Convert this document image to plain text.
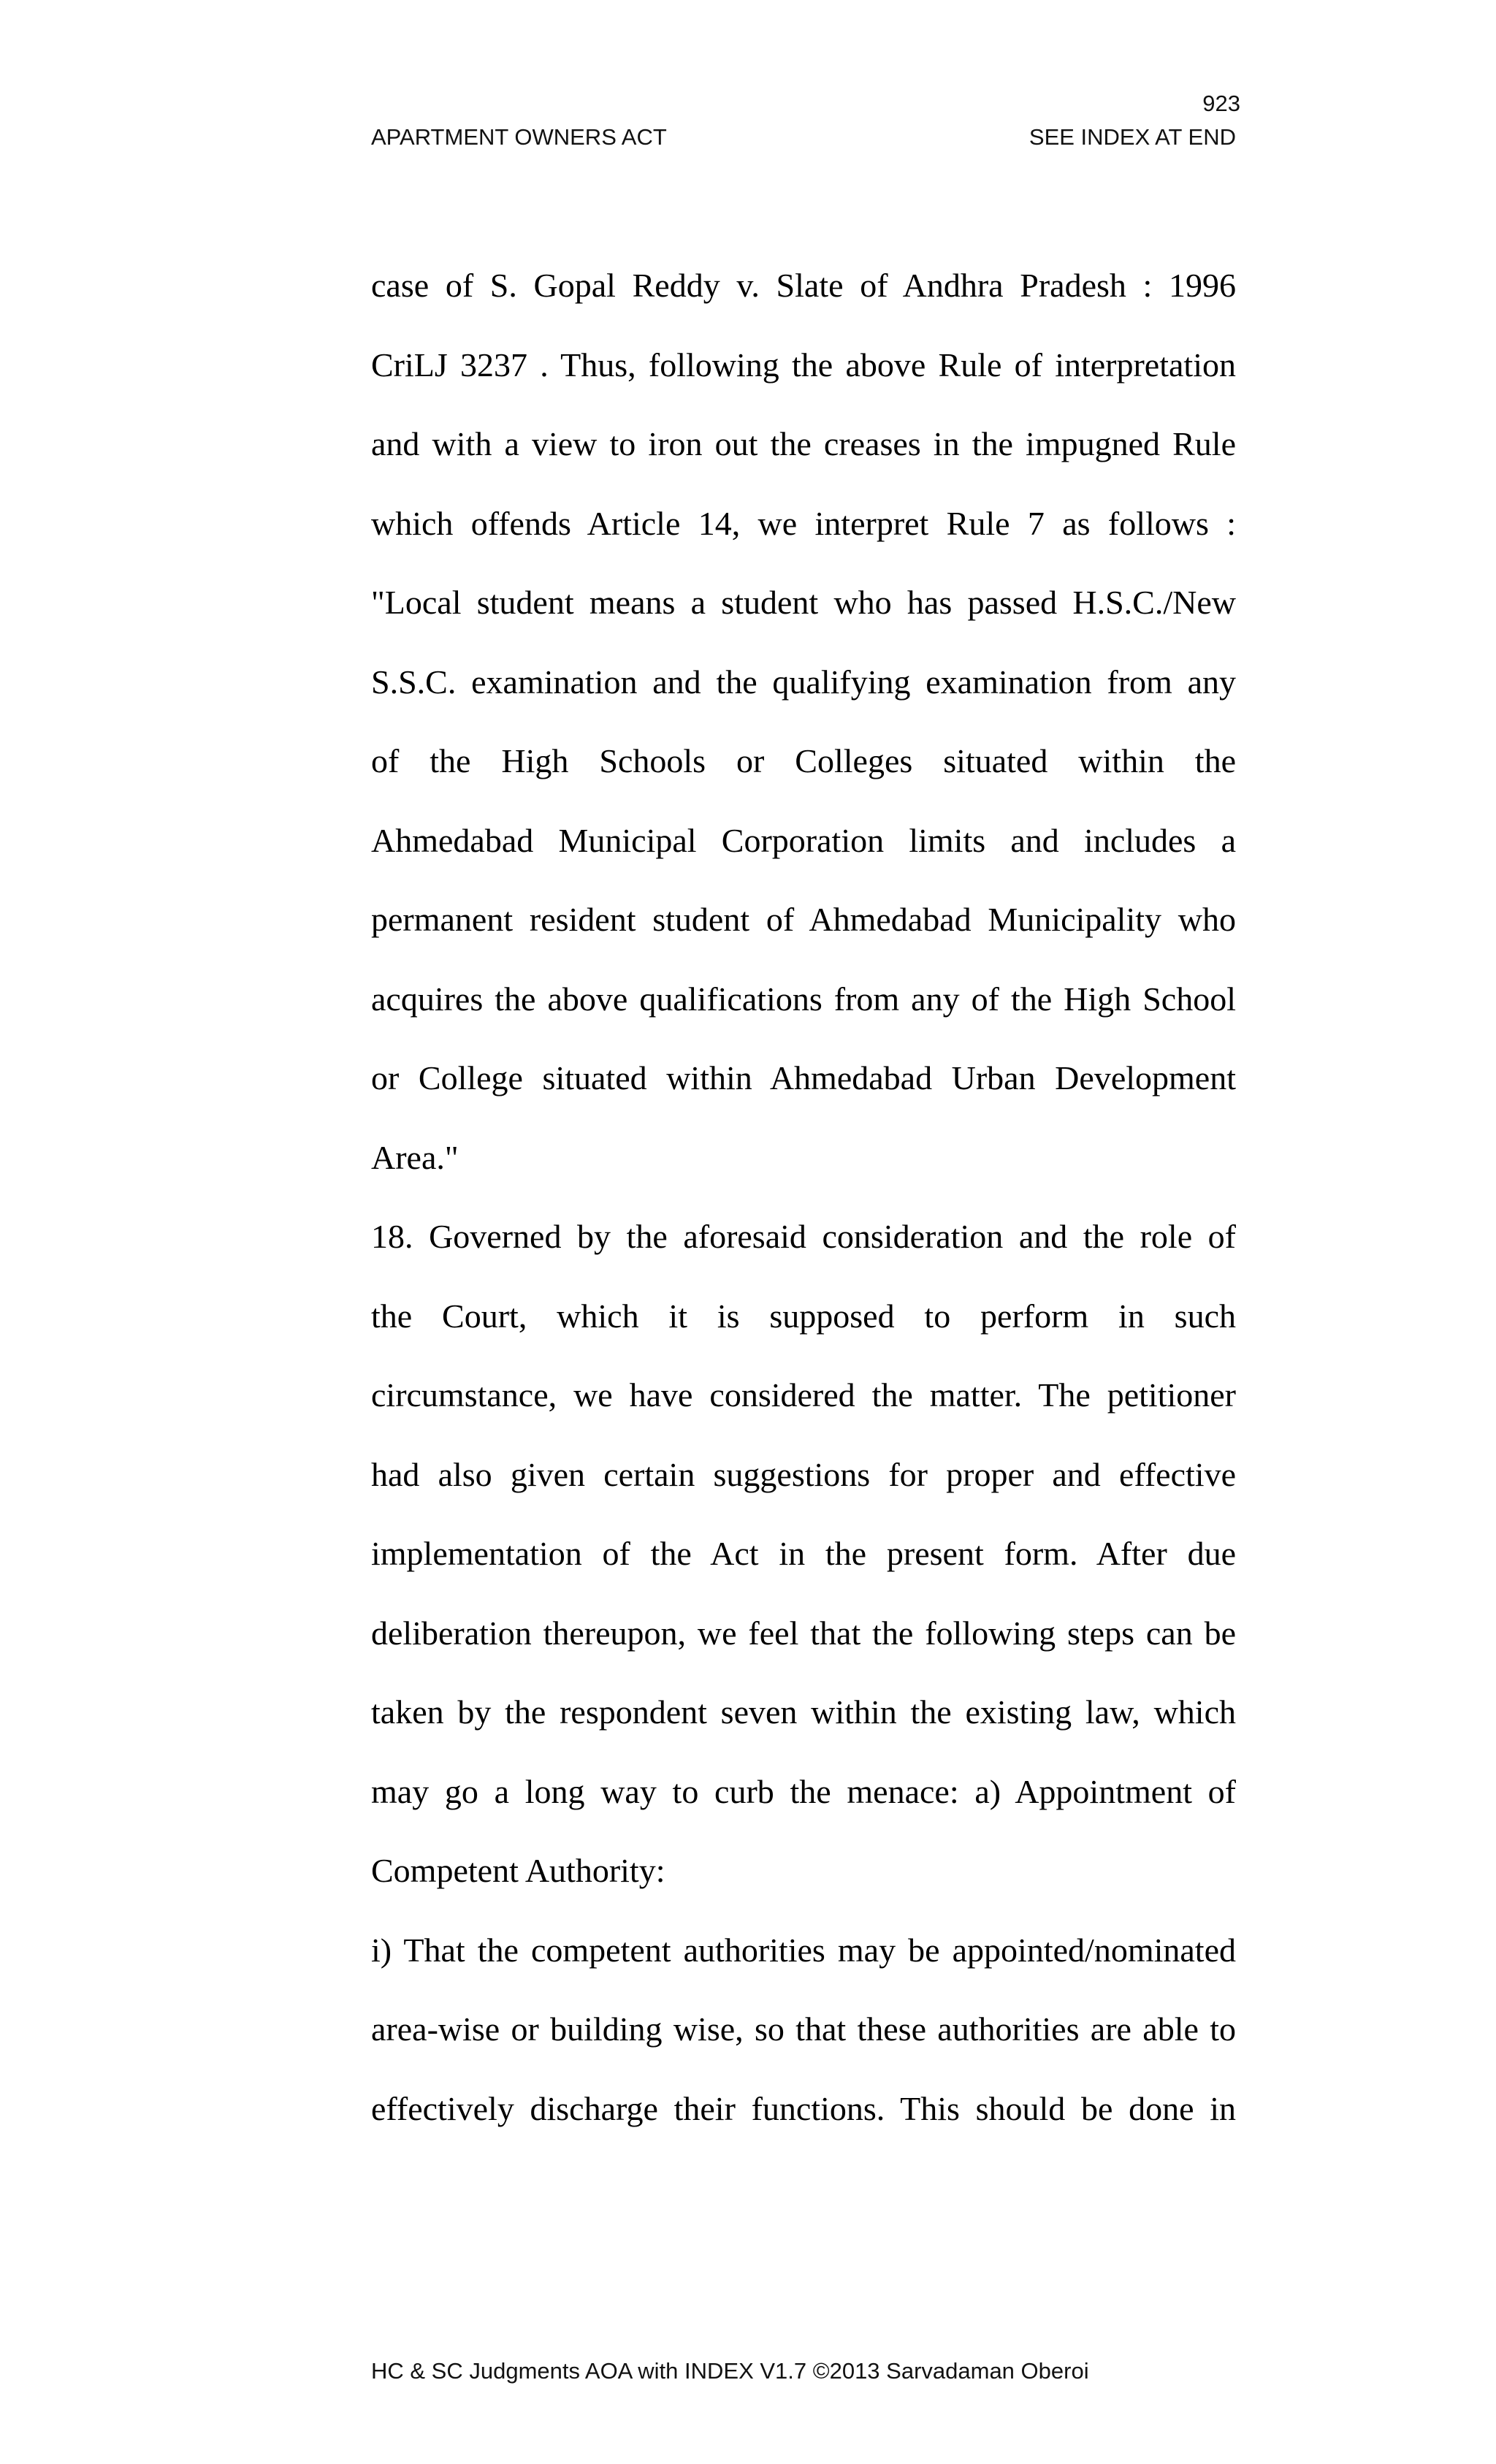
923
APARTMENT OWNERS ACT	SEE INDEX AT END
case of S. Gopal Reddy v. Slate of Andhra Pradesh : 1996
CriLJ 3237 . Thus, following the above Rule of interpretation
and with a view to iron out the creases in the impugned Rule
which offends Article 14, we interpret Rule 7 as follows :
"Local student means a student who has passed H.S.C./New
S.S.C. examination and the qualifying examination from any
of the High Schools or Colleges situated within the
Ahmedabad Municipal Corporation limits and includes a
permanent resident student of Ahmedabad Municipality who
acquires the above qualifications from any of the High School
or College situated within Ahmedabad Urban Development
Area."
18. Governed by the aforesaid consideration and the role of
the Court, which it is supposed to perform in such
circumstance, we have considered the matter. The petitioner
had also given certain suggestions for proper and effective
implementation of the Act in the present form. After due
deliberation thereupon, we feel that the following steps can be
taken by the respondent seven within the existing law, which
may go a long way to curb the menace: a) Appointment of
Competent Authority:
i) That the competent authorities may be appointed/nominated
area-wise or building wise, so that these authorities are able to
effectively discharge their functions. This should be done in
HC & SC Judgments AOA with INDEX V1.7 ©2013 Sarvadaman Oberoi
